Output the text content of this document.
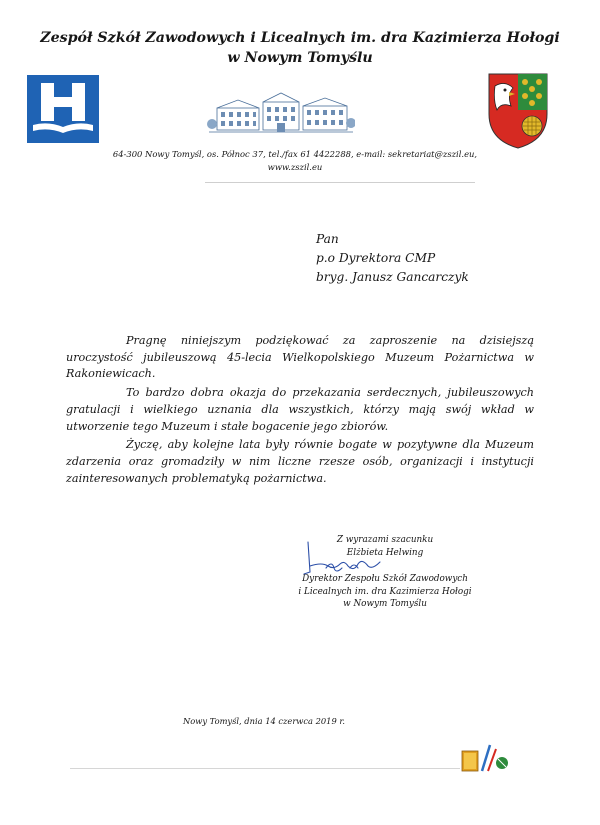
Zespół Szkół Zawodowych i Licealnych im. dra Kazimierza Hołogi
w Nowym Tomyślu
64-300 Nowy Tomyśl, os. Północ 37, tel./fax 61 4422288, e-mail: sekretariat@zszil.eu,
www.zszil.eu
Pan
p.o Dyrektora CMP
bryg. Janusz Gancarczyk

Pragnę niniejszym podziękować za zaproszenie na dzisiejszą uroczystość jubileuszową 45-lecia Wielkopolskiego Muzeum Pożarnictwa w Rakoniewicach.

To bardzo dobra okazja do przekazania serdecznych, jubileuszowych gratulacji i wielkiego uznania dla wszystkich, którzy mają swój wkład w utworzenie tego Muzeum i stałe bogacenie jego zbiorów.

Życzę, aby kolejne lata były równie bogate w pozytywne dla Muzeum zdarzenia oraz gromadziły w nim liczne rzesze osób, organizacji i instytucji zainteresowanych problematyką pożarnictwa.

Z wyrazami szacunku
Elżbieta Helwing
Dyrektor Zespołu Szkół Zawodowych
i Licealnych im. dra Kazimierza Hołogi
w Nowym Tomyślu
Nowy Tomyśl, dnia 14 czerwca 2019 r.
